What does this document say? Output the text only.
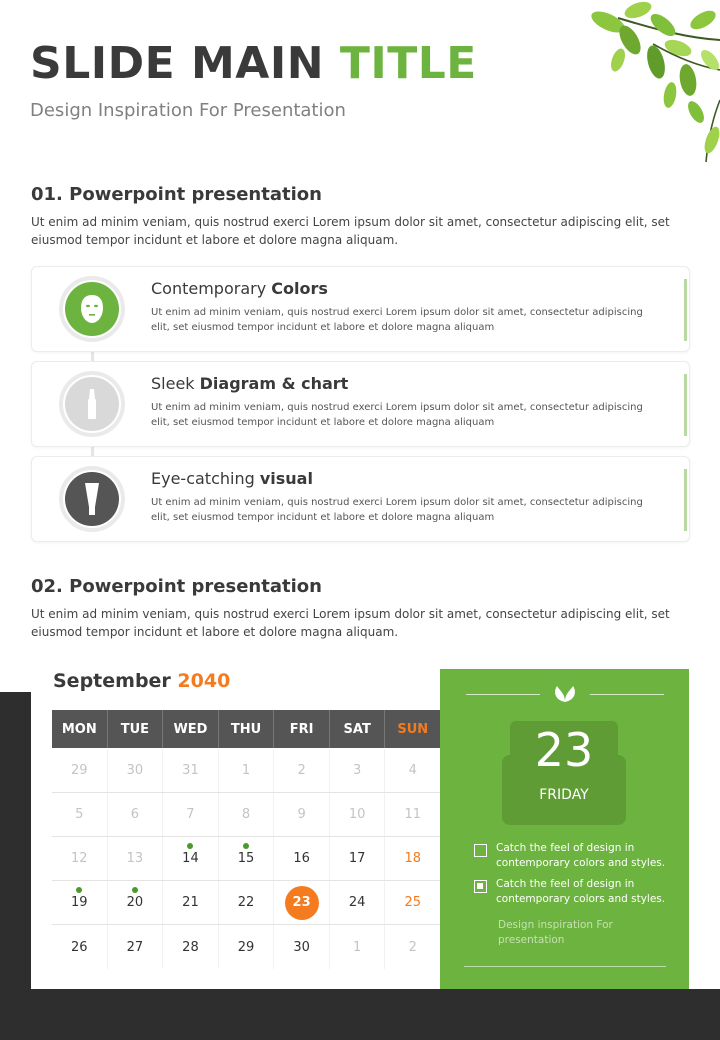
SLIDE MAIN TITLE
Design Inspiration For Presentation
01. Powerpoint presentation
Ut enim ad minim veniam, quis nostrud exerci Lorem ipsum dolor sit amet, consectetur adipiscing elit, set eiusmod tempor incidunt et labore et dolore magna aliquam.
Contemporary Colors
Ut enim ad minim veniam, quis nostrud exerci Lorem ipsum dolor sit amet, consectetur adipiscing elit, set eiusmod tempor incidunt et labore et dolore magna aliquam
Sleek Diagram & chart
Ut enim ad minim veniam, quis nostrud exerci Lorem ipsum dolor sit amet, consectetur adipiscing elit, set eiusmod tempor incidunt et labore et dolore magna aliquam
Eye-catching visual
Ut enim ad minim veniam, quis nostrud exerci Lorem ipsum dolor sit amet, consectetur adipiscing elit, set eiusmod tempor incidunt et labore et dolore magna aliquam
02. Powerpoint presentation
Ut enim ad minim veniam, quis nostrud exerci Lorem ipsum dolor sit amet, consectetur adipiscing elit, set eiusmod tempor incidunt et labore et dolore magna aliquam.
September 2040
MON	TUE	WED	THU	FRI	SAT	SUN
29	30	31	1	2	3	4
5	6	7	8	9	10	11
12	13	14	15	16	17	18
19	20	21	22	23	24	25
26	27	28	29	30	1	2
23
FRIDAY
Catch the feel of design in contemporary colors and styles.
Catch the feel of design in contemporary colors and styles.
Design inspiration For presentation
